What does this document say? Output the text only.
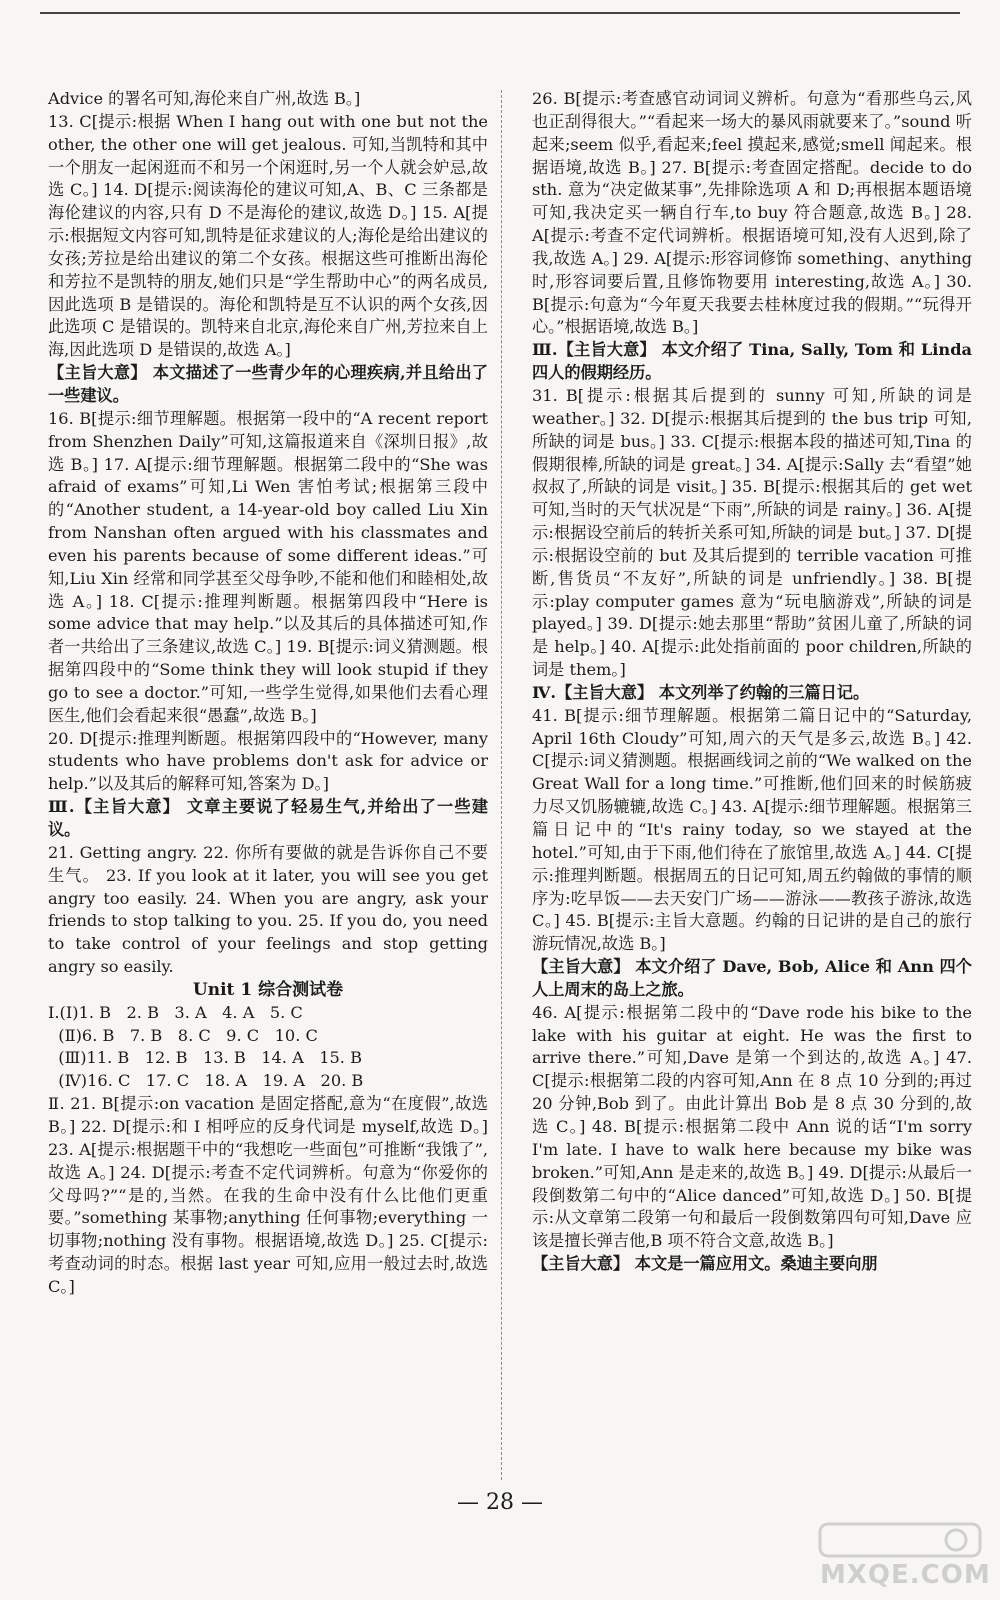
Advice 的署名可知,海伦来自广州,故选 B。]

13. C[提示:根据 When I hang out with one but not the other, the other one will get jealous. 可知,当凯特和其中一个朋友一起闲逛而不和另一个闲逛时,另一个人就会妒忌,故选 C。] 14. D[提示:阅读海伦的建议可知,A、B、C 三条都是海伦建议的内容,只有 D 不是海伦的建议,故选 D。] 15. A[提示:根据短文内容可知,凯特是征求建议的人;海伦是给出建议的女孩;芳拉是给出建议的第二个女孩。根据这些可推断出海伦和芳拉不是凯特的朋友,她们只是“学生帮助中心”的两名成员,因此选项 B 是错误的。海伦和凯特是互不认识的两个女孩,因此选项 C 是错误的。凯特来自北京,海伦来自广州,芳拉来自上海,因此选项 D 是错误的,故选 A。]

【主旨大意】 本文描述了一些青少年的心理疾病,并且给出了一些建议。

16. B[提示:细节理解题。根据第一段中的“A recent report from Shenzhen Daily”可知,这篇报道来自《深圳日报》,故选 B。] 17. A[提示:细节理解题。根据第二段中的“She was afraid of exams”可知,Li Wen 害怕考试;根据第三段中的“Another student, a 14-year-old boy called Liu Xin from Nanshan often argued with his classmates and even his parents because of some different ideas.”可知,Liu Xin 经常和同学甚至父母争吵,不能和他们和睦相处,故选 A。] 18. C[提示:推理判断题。根据第四段中“Here is some advice that may help.”以及其后的具体描述可知,作者一共给出了三条建议,故选 C。] 19. B[提示:词义猜测题。根据第四段中的“Some think they will look stupid if they go to see a doctor.”可知,一些学生觉得,如果他们去看心理医生,他们会看起来很“愚蠢”,故选 B。]

20. D[提示:推理判断题。根据第四段中的“However, many students who have problems don't ask for advice or help.”以及其后的解释可知,答案为 D。]

Ⅲ.【主旨大意】 文章主要说了轻易生气,并给出了一些建议。

21. Getting angry. 22. 你所有要做的就是告诉你自己不要生气。 23. If you look at it later, you will see you get angry too easily. 24. When you are angry, ask your friends to stop talking to you. 25. If you do, you need to take control of your feelings and stop getting angry so easily.

Unit 1 综合测试卷

Ⅰ.(Ⅰ)1. B   2. B   3. A   4. A   5. C

(Ⅱ)6. B   7. B   8. C   9. C   10. C

(Ⅲ)11. B   12. B   13. B   14. A   15. B

(Ⅳ)16. C   17. C   18. A   19. A   20. B

Ⅱ. 21. B[提示:on vacation 是固定搭配,意为“在度假”,故选 B。] 22. D[提示:和 I 相呼应的反身代词是 myself,故选 D。] 23. A[提示:根据题干中的“我想吃一些面包”可推断“我饿了”,故选 A。] 24. D[提示:考查不定代词辨析。句意为“你爱你的父母吗?”“是的,当然。在我的生命中没有什么比他们更重要。”something 某事物;anything 任何事物;everything 一切事物;nothing 没有事物。根据语境,故选 D。] 25. C[提示:考查动词的时态。根据 last year 可知,应用一般过去时,故选 C。]

26. B[提示:考查感官动词词义辨析。句意为“看那些乌云,风也正刮得很大。”“看起来一场大的暴风雨就要来了。”sound 听起来;seem 似乎,看起来;feel 摸起来,感觉;smell 闻起来。根据语境,故选 B。] 27. B[提示:考查固定搭配。decide to do sth. 意为“决定做某事”,先排除选项 A 和 D;再根据本题语境可知,我决定买一辆自行车,to buy 符合题意,故选 B。] 28. A[提示:考查不定代词辨析。根据语境可知,没有人迟到,除了我,故选 A。] 29. A[提示:形容词修饰 something、anything 时,形容词要后置,且修饰物要用 interesting,故选 A。] 30. B[提示:句意为“今年夏天我要去桂林度过我的假期。”“玩得开心。”根据语境,故选 B。]

Ⅲ.【主旨大意】 本文介绍了 Tina, Sally, Tom 和 Linda 四人的假期经历。

31. B[提示:根据其后提到的 sunny 可知,所缺的词是 weather。] 32. D[提示:根据其后提到的 the bus trip 可知,所缺的词是 bus。] 33. C[提示:根据本段的描述可知,Tina 的假期很棒,所缺的词是 great。] 34. A[提示:Sally 去“看望”她叔叔了,所缺的词是 visit。] 35. B[提示:根据其后的 get wet 可知,当时的天气状况是“下雨”,所缺的词是 rainy。] 36. A[提示:根据设空前后的转折关系可知,所缺的词是 but。] 37. D[提示:根据设空前的 but 及其后提到的 terrible vacation 可推断,售货员“不友好”,所缺的词是 unfriendly。] 38. B[提示:play computer games 意为“玩电脑游戏”,所缺的词是 played。] 39. D[提示:她去那里“帮助”贫困儿童了,所缺的词是 help。] 40. A[提示:此处指前面的 poor children,所缺的词是 them。]

Ⅳ.【主旨大意】 本文列举了约翰的三篇日记。

41. B[提示:细节理解题。根据第二篇日记中的“Saturday, April 16th Cloudy”可知,周六的天气是多云,故选 B。] 42. C[提示:词义猜测题。根据画线词之前的“We walked on the Great Wall for a long time.”可推断,他们回来的时候筋疲力尽又饥肠辘辘,故选 C。] 43. A[提示:细节理解题。根据第三篇日记中的“It's rainy today, so we stayed at the hotel.”可知,由于下雨,他们待在了旅馆里,故选 A。] 44. C[提示:推理判断题。根据周五的日记可知,周五约翰做的事情的顺序为:吃早饭——去天安门广场——游泳——教孩子游泳,故选 C。] 45. B[提示:主旨大意题。约翰的日记讲的是自己的旅行游玩情况,故选 B。]

【主旨大意】 本文介绍了 Dave, Bob, Alice 和 Ann 四个人上周末的岛上之旅。

46. A[提示:根据第二段中的“Dave rode his bike to the lake with his guitar at eight. He was the first to arrive there.”可知,Dave 是第一个到达的,故选 A。] 47. C[提示:根据第二段的内容可知,Ann 在 8 点 10 分到的;再过 20 分钟,Bob 到了。由此计算出 Bob 是 8 点 30 分到的,故选 C。] 48. B[提示:根据第二段中 Ann 说的话“I'm sorry I'm late. I have to walk here because my bike was broken.”可知,Ann 是走来的,故选 B。] 49. D[提示:从最后一段倒数第二句中的“Alice danced”可知,故选 D。] 50. B[提示:从文章第二段第一句和最后一段倒数第四句可知,Dave 应该是擅长弹吉他,B 项不符合文意,故选 B。]

【主旨大意】 本文是一篇应用文。桑迪主要向朋

— 28 —
MXQE.COM
